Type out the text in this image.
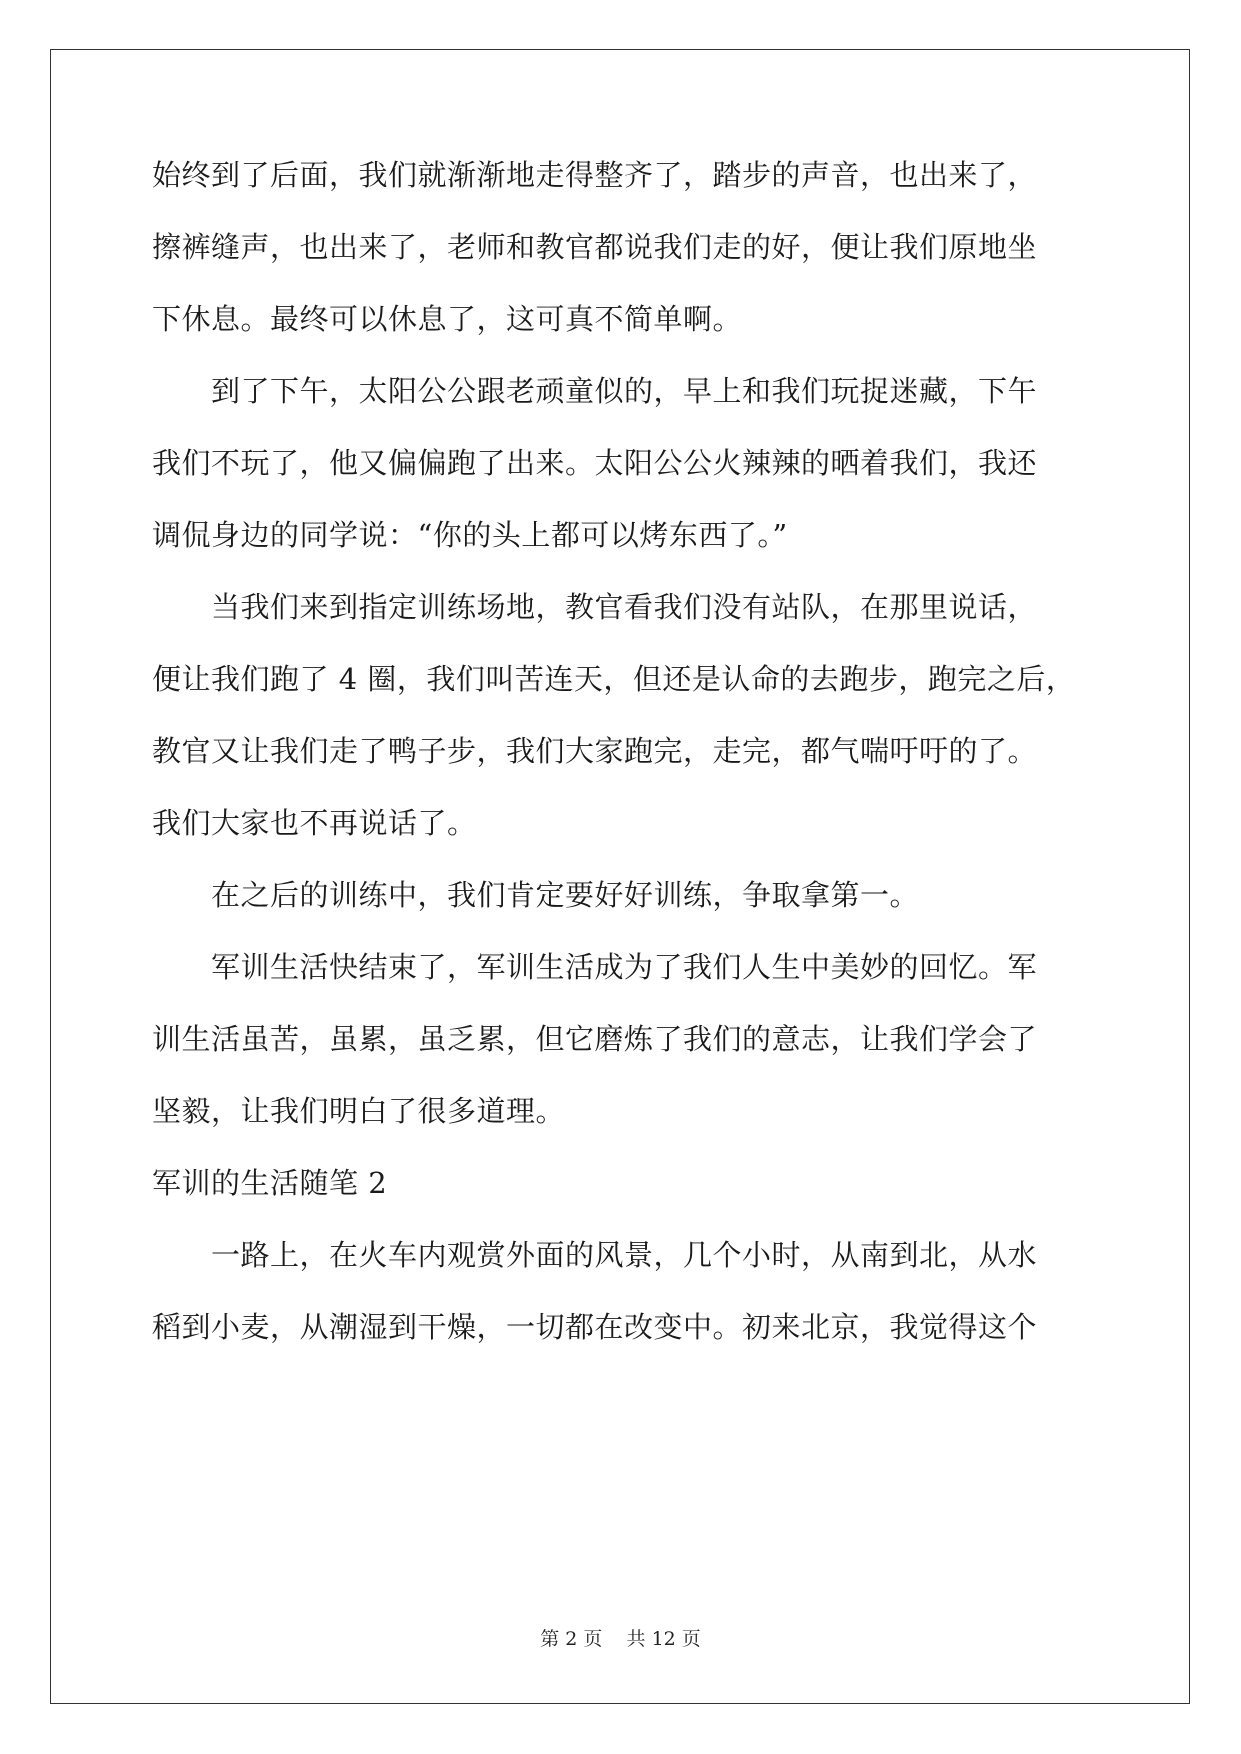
始终到了后面，我们就渐渐地走得整齐了，踏步的声音，也出来了，
擦裤缝声，也出来了，老师和教官都说我们走的好，便让我们原地坐
下休息。最终可以休息了，这可真不简单啊。
　　到了下午，太阳公公跟老顽童似的，早上和我们玩捉迷藏，下午
我们不玩了，他又偏偏跑了出来。太阳公公火辣辣的晒着我们，我还
调侃身边的同学说：“你的头上都可以烤东西了。”
　　当我们来到指定训练场地，教官看我们没有站队，在那里说话，
便让我们跑了 4 圈，我们叫苦连天，但还是认命的去跑步，跑完之后，
教官又让我们走了鸭子步，我们大家跑完，走完，都气喘吁吁的了。
我们大家也不再说话了。
　　在之后的训练中，我们肯定要好好训练，争取拿第一。
　　军训生活快结束了，军训生活成为了我们人生中美妙的回忆。军
训生活虽苦，虽累，虽乏累，但它磨炼了我们的意志，让我们学会了
坚毅，让我们明白了很多道理。
军训的生活随笔 2
　　一路上，在火车内观赏外面的风景，几个小时，从南到北，从水
稻到小麦，从潮湿到干燥，一切都在改变中。初来北京，我觉得这个
第 2 页    共 12 页
